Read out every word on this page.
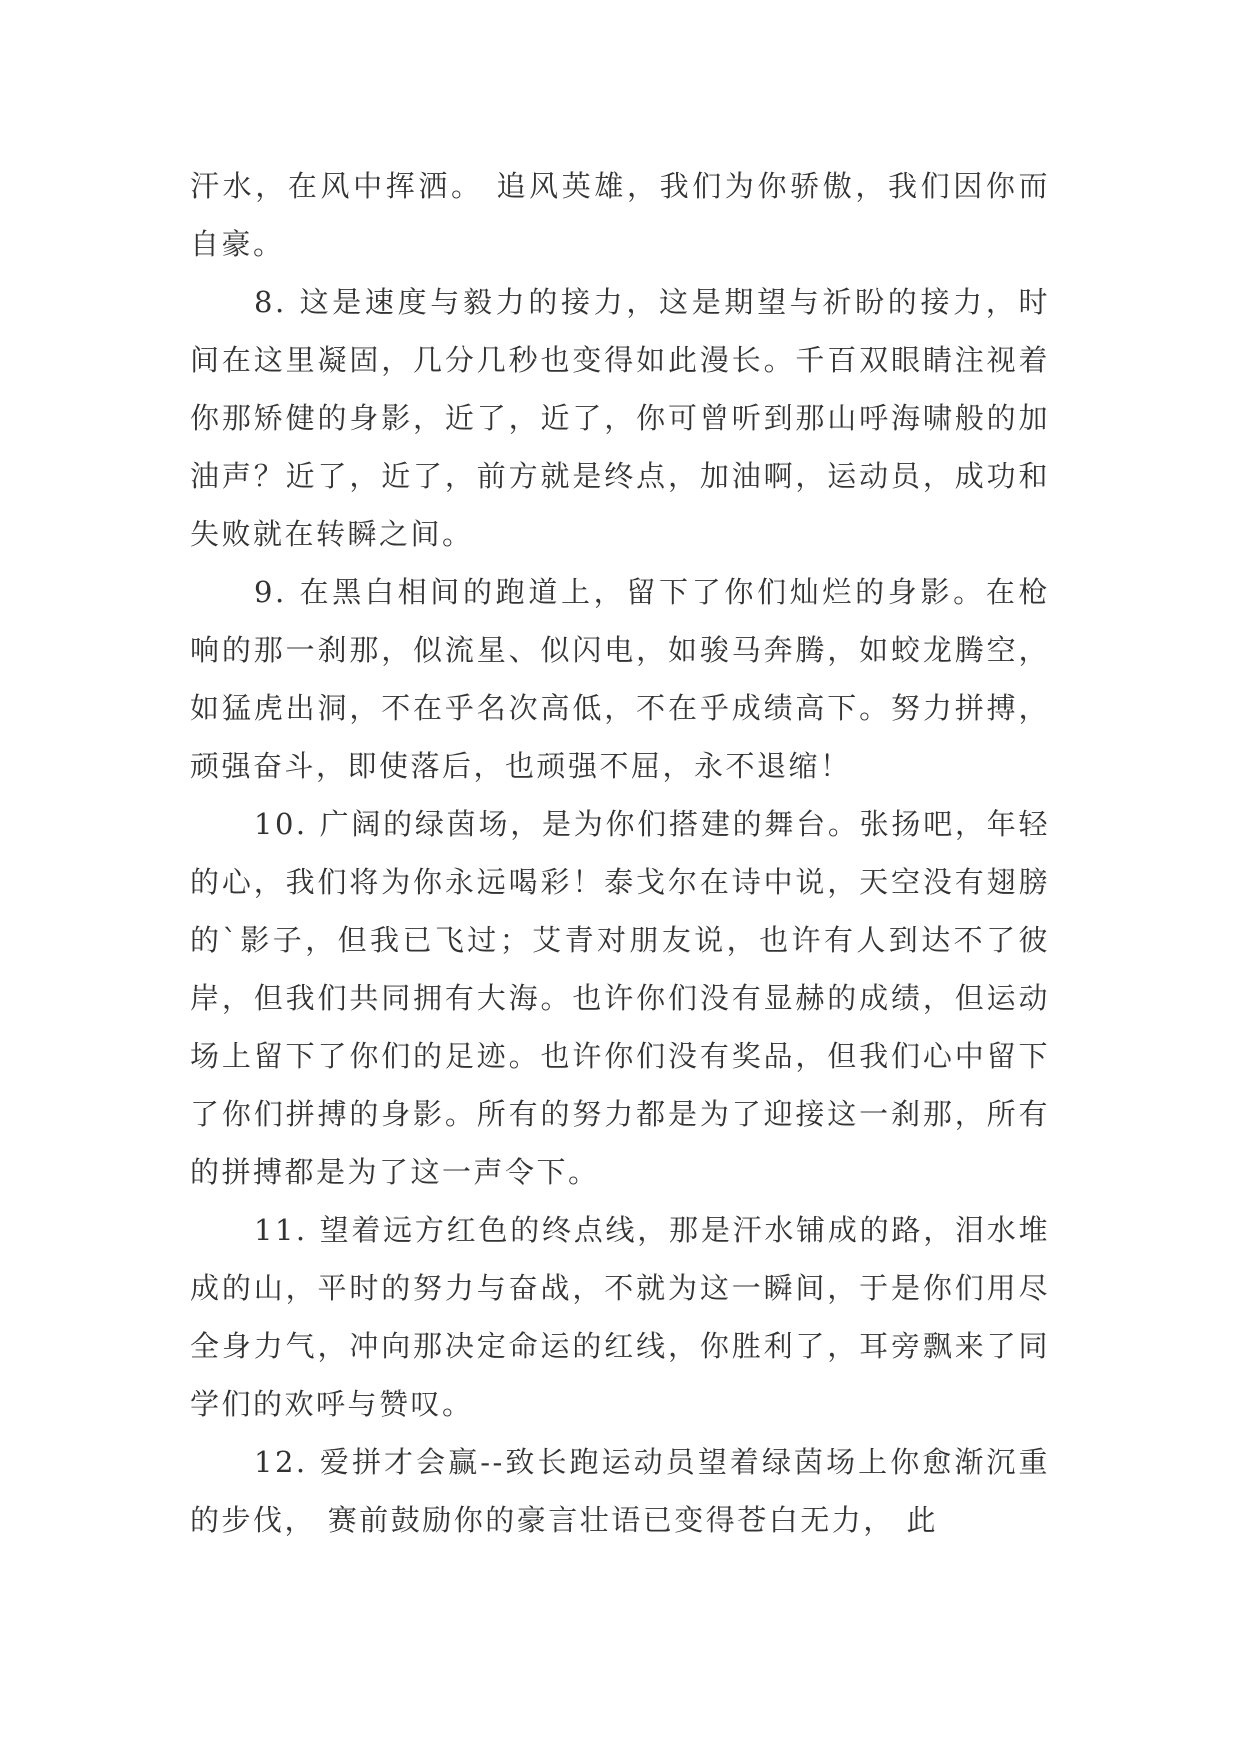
汗水，在风中挥洒。 追风英雄，我们为你骄傲，我们因你而自豪。

8. 这是速度与毅力的接力，这是期望与祈盼的接力，时间在这里凝固，几分几秒也变得如此漫长。千百双眼睛注视着你那矫健的身影，近了，近了，你可曾听到那山呼海啸般的加油声？近了，近了，前方就是终点，加油啊，运动员，成功和失败就在转瞬之间。

9. 在黑白相间的跑道上，留下了你们灿烂的身影。在枪响的那一刹那，似流星、似闪电，如骏马奔腾，如蛟龙腾空，如猛虎出洞，不在乎名次高低，不在乎成绩高下。努力拼搏，顽强奋斗，即使落后，也顽强不屈，永不退缩！

10. 广阔的绿茵场，是为你们搭建的舞台。张扬吧，年轻的心，我们将为你永远喝彩！泰戈尔在诗中说，天空没有翅膀的`影子，但我已飞过；艾青对朋友说，也许有人到达不了彼岸，但我们共同拥有大海。也许你们没有显赫的成绩，但运动场上留下了你们的足迹。也许你们没有奖品，但我们心中留下了你们拼搏的身影。所有的努力都是为了迎接这一刹那，所有的拼搏都是为了这一声令下。

11. 望着远方红色的终点线，那是汗水铺成的路，泪水堆成的山，平时的努力与奋战，不就为这一瞬间，于是你们用尽全身力气，冲向那决定命运的红线，你胜利了，耳旁飘来了同学们的欢呼与赞叹。

12. 爱拼才会赢--致长跑运动员望着绿茵场上你愈渐沉重的步伐， 赛前鼓励你的豪言壮语已变得苍白无力， 此
